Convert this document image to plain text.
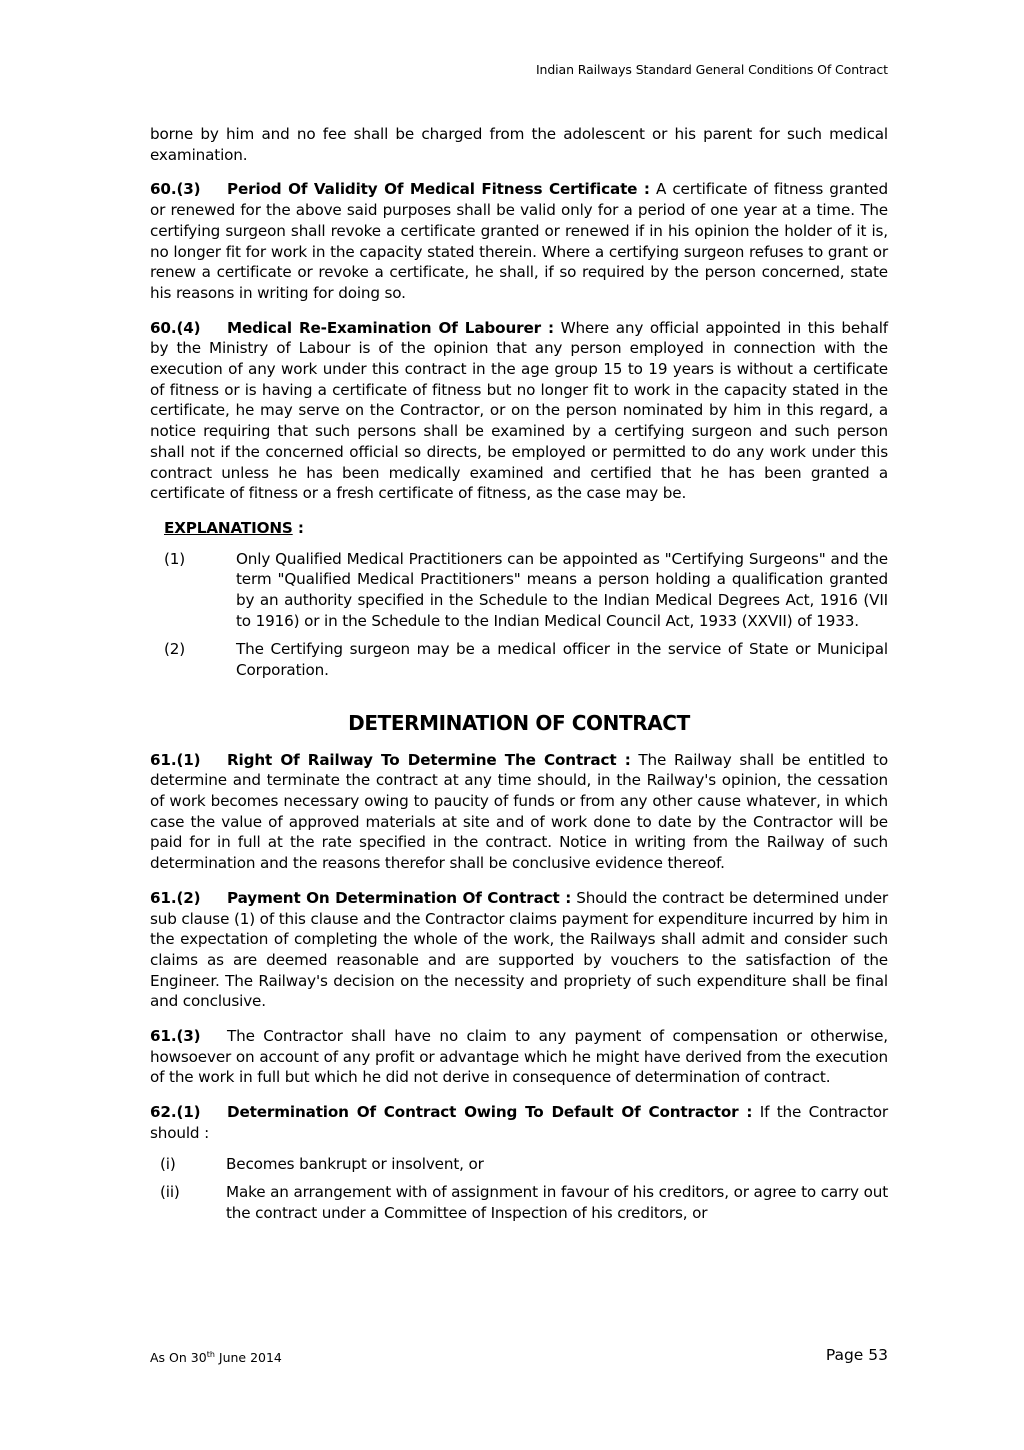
Indian Railways Standard General Conditions Of Contract

borne by him and no fee shall be charged from the adolescent or his parent for such medical examination.

60.(3) Period Of Validity Of Medical Fitness Certificate : A certificate of fitness granted or renewed for the above said purposes shall be valid only for a period of one year at a time. The certifying surgeon shall revoke a certificate granted or renewed if in his opinion the holder of it is, no longer fit for work in the capacity stated therein. Where a certifying surgeon refuses to grant or renew a certificate or revoke a certificate, he shall, if so required by the person concerned, state his reasons in writing for doing so.

60.(4) Medical Re-Examination Of Labourer : Where any official appointed in this behalf by the Ministry of Labour is of the opinion that any person employed in connection with the execution of any work under this contract in the age group 15 to 19 years is without a certificate of fitness or is having a certificate of fitness but no longer fit to work in the capacity stated in the certificate, he may serve on the Contractor, or on the person nominated by him in this regard, a notice requiring that such persons shall be examined by a certifying surgeon and such person shall not if the concerned official so directs, be employed or permitted to do any work under this contract unless he has been medically examined and certified that he has been granted a certificate of fitness or a fresh certificate of fitness, as the case may be.

EXPLANATIONS :
(1)	Only Qualified Medical Practitioners can be appointed as "Certifying Surgeons" and the term "Qualified Medical Practitioners" means a person holding a qualification granted by an authority specified in the Schedule to the Indian Medical Degrees Act, 1916 (VII to 1916) or in the Schedule to the Indian Medical Council Act, 1933 (XXVII) of 1933.
(2)	The Certifying surgeon may be a medical officer in the service of State or Municipal Corporation.
DETERMINATION OF CONTRACT

61.(1) Right Of Railway To Determine The Contract : The Railway shall be entitled to determine and terminate the contract at any time should, in the Railway's opinion, the cessation of work becomes necessary owing to paucity of funds or from any other cause whatever, in which case the value of approved materials at site and of work done to date by the Contractor will be paid for in full at the rate specified in the contract. Notice in writing from the Railway of such determination and the reasons therefor shall be conclusive evidence thereof.

61.(2) Payment On Determination Of Contract : Should the contract be determined under sub clause (1) of this clause and the Contractor claims payment for expenditure incurred by him in the expectation of completing the whole of the work, the Railways shall admit and consider such claims as are deemed reasonable and are supported by vouchers to the satisfaction of the Engineer. The Railway's decision on the necessity and propriety of such expenditure shall be final and conclusive.

61.(3) The Contractor shall have no claim to any payment of compensation or otherwise, howsoever on account of any profit or advantage which he might have derived from the execution of the work in full but which he did not derive in consequence of determination of contract.

62.(1) Determination Of Contract Owing To Default Of Contractor : If the Contractor should :

(i)	Becomes bankrupt or insolvent, or
(ii)	Make an arrangement with of assignment in favour of his creditors, or agree to carry out the contract under a Committee of Inspection of his creditors, or
As On 30th June 2014	Page 53
